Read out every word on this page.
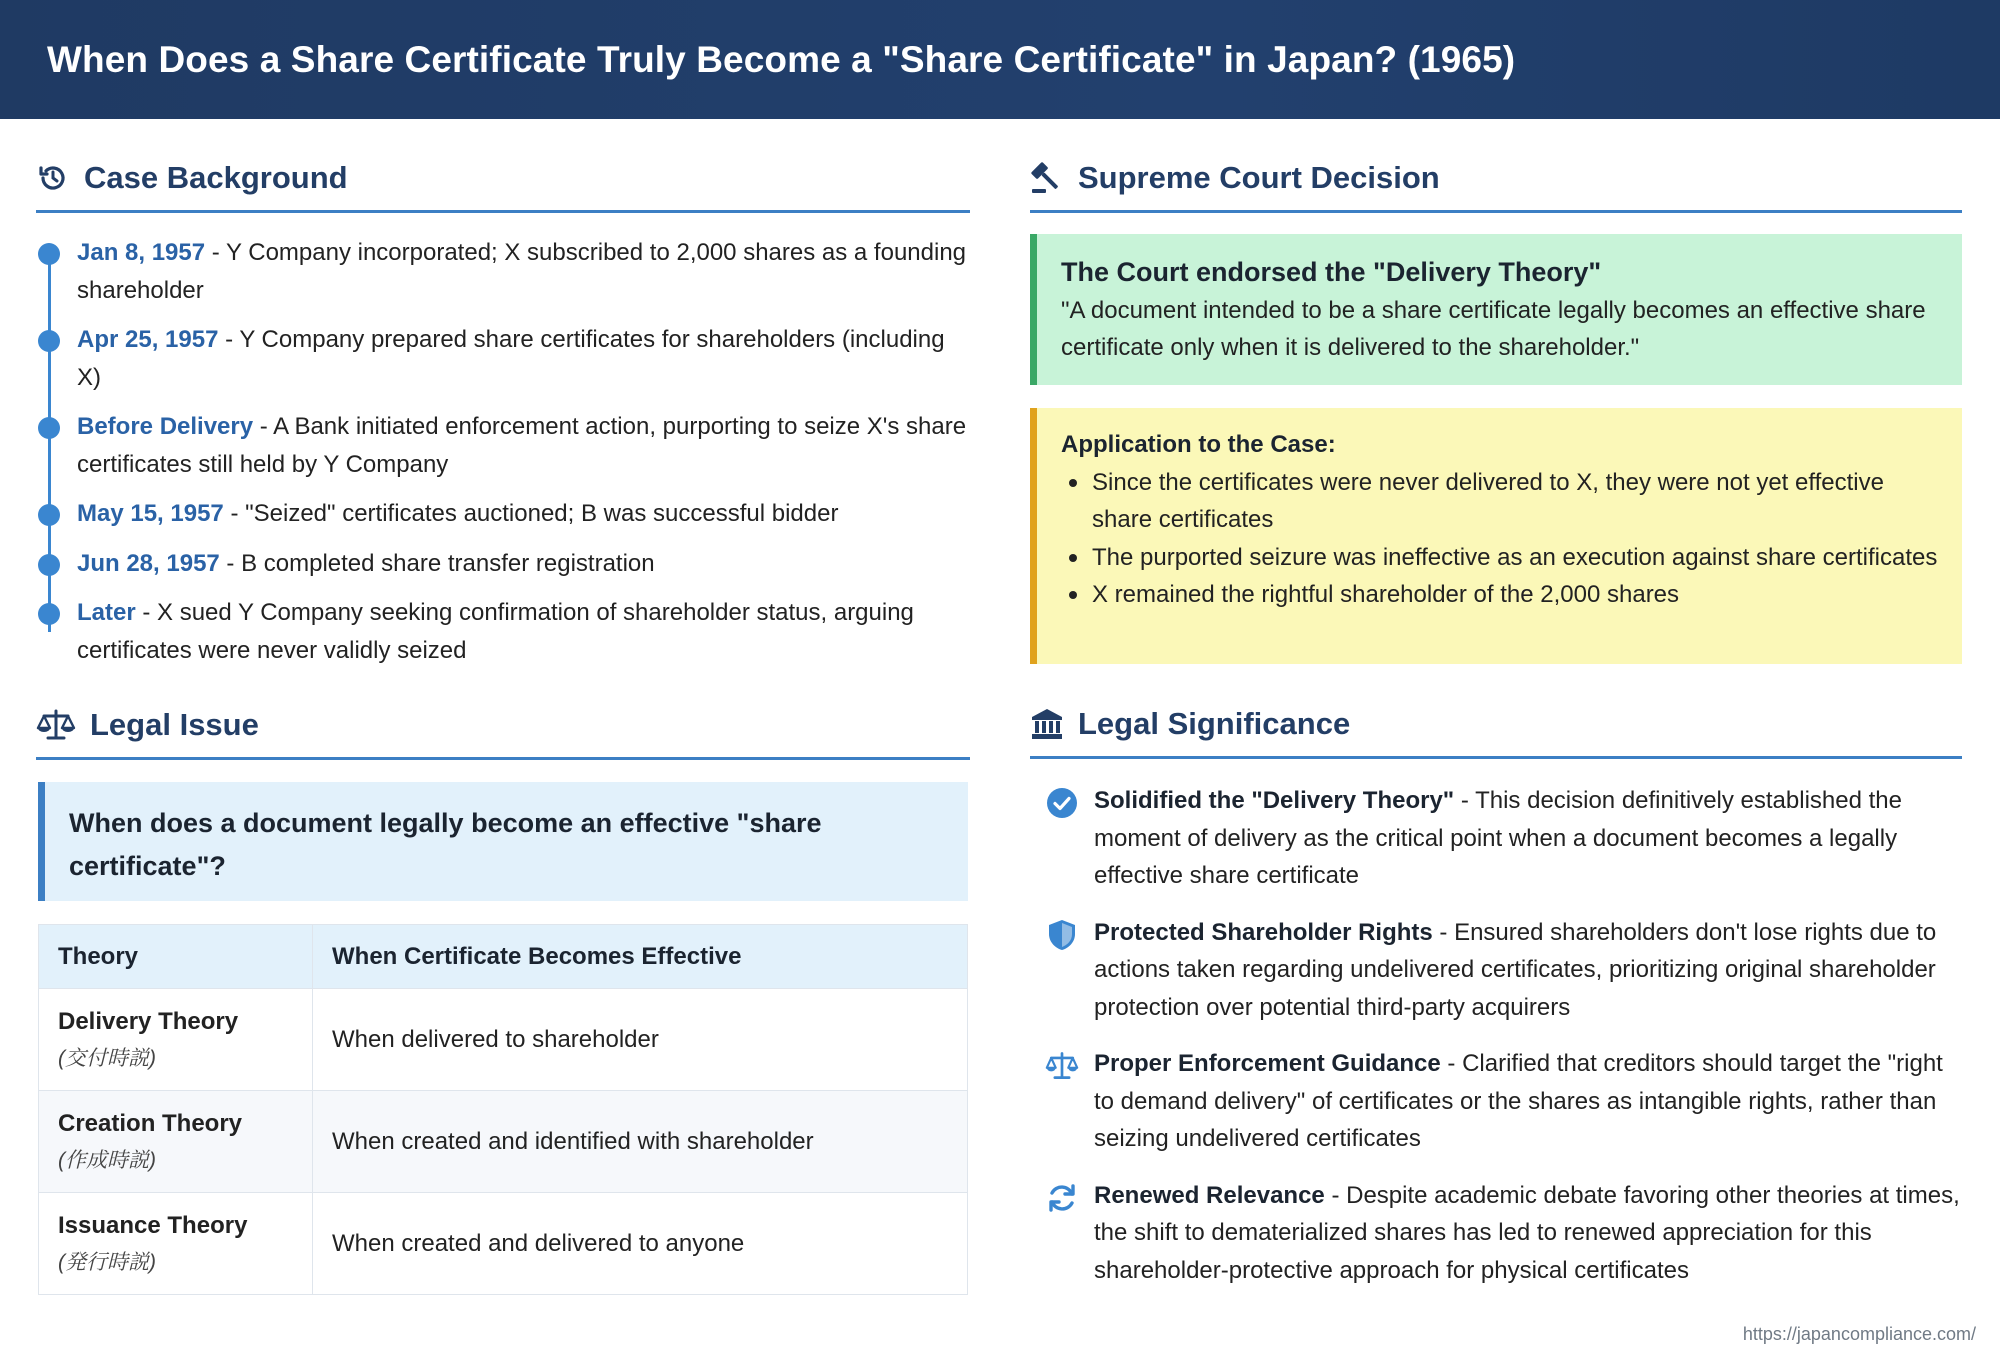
When Does a Share Certificate Truly Become a "Share Certificate" in Japan? (1965)
Case Background
Jan 8, 1957 - Y Company incorporated; X subscribed to 2,000 shares as a founding shareholder
Apr 25, 1957 - Y Company prepared share certificates for shareholders (including X)
Before Delivery - A Bank initiated enforcement action, purporting to seize X's share certificates still held by Y Company
May 15, 1957 - "Seized" certificates auctioned; B was successful bidder
Jun 28, 1957 - B completed share transfer registration
Later - X sued Y Company seeking confirmation of shareholder status, arguing certificates were never validly seized
Legal Issue
When does a document legally become an effective "share certificate"?
Theory	When Certificate Becomes Effective

Delivery Theory
(交付時説)	When delivered to shareholder

Creation Theory
(作成時説)	When created and identified with shareholder

Issuance Theory
(発行時説)	When created and delivered to anyone
Supreme Court Decision
The Court endorsed the "Delivery Theory"
"A document intended to be a share certificate legally becomes an effective share certificate only when it is delivered to the shareholder."
Application to the Case:
Since the certificates were never delivered to X, they were not yet effective share certificates
The purported seizure was ineffective as an execution against share certificates
X remained the rightful shareholder of the 2,000 shares
Legal Significance
Solidified the "Delivery Theory" - This decision definitively established the moment of delivery as the critical point when a document becomes a legally effective share certificate
Protected Shareholder Rights - Ensured shareholders don't lose rights due to actions taken regarding undelivered certificates, prioritizing original shareholder protection over potential third-party acquirers
Proper Enforcement Guidance - Clarified that creditors should target the "right to demand delivery" of certificates or the shares as intangible rights, rather than seizing undelivered certificates
Renewed Relevance - Despite academic debate favoring other theories at times, the shift to dematerialized shares has led to renewed appreciation for this shareholder-protective approach for physical certificates
https://japancompliance.com/
